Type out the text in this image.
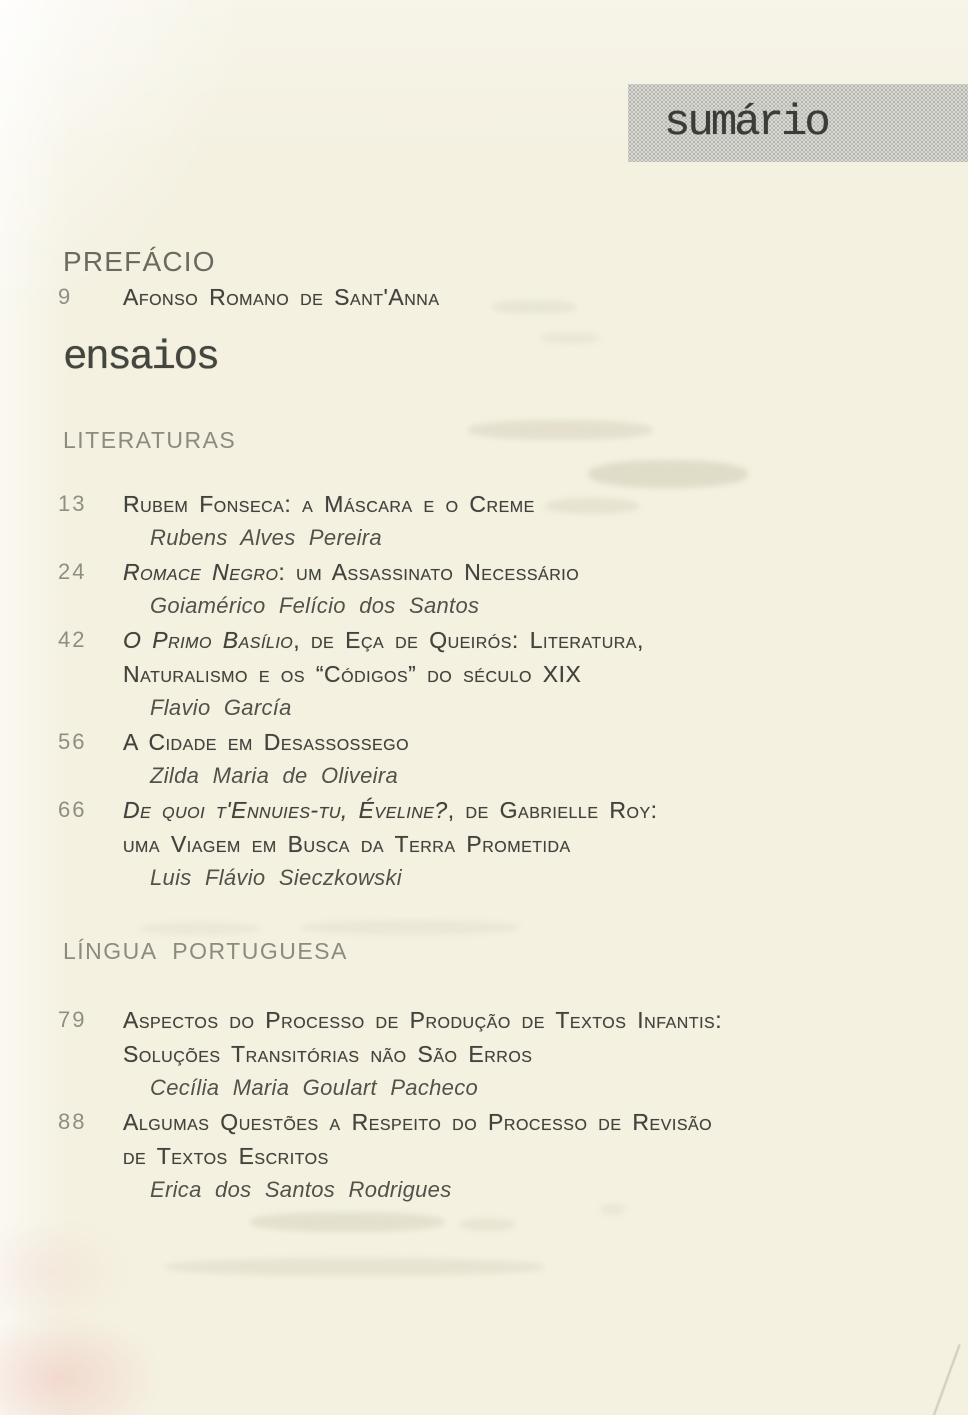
sumário
PREFÁCIO
9 Afonso Romano de Sant'Anna
ensaios
LITERATURAS
13 Rubem Fonseca: a Máscara e o Creme
Rubens Alves Pereira
24 Romace Negro: um Assassinato Necessário
Goiamérico Felício dos Santos
42 O Primo Basílio, de Eça de Queirós: Literatura,
Naturalismo e os “Códigos” do século XIX
Flavio García
56 A Cidade em Desassossego
Zilda Maria de Oliveira
66 De quoi t'Ennuies-tu, Éveline?, de Gabrielle Roy:
uma Viagem em Busca da Terra Prometida
Luis Flávio Sieczkowski
LÍNGUA PORTUGUESA
79 Aspectos do Processo de Produção de Textos Infantis:
Soluções Transitórias não São Erros
Cecília Maria Goulart Pacheco
88 Algumas Questões a Respeito do Processo de Revisão
de Textos Escritos
Erica dos Santos Rodrigues
